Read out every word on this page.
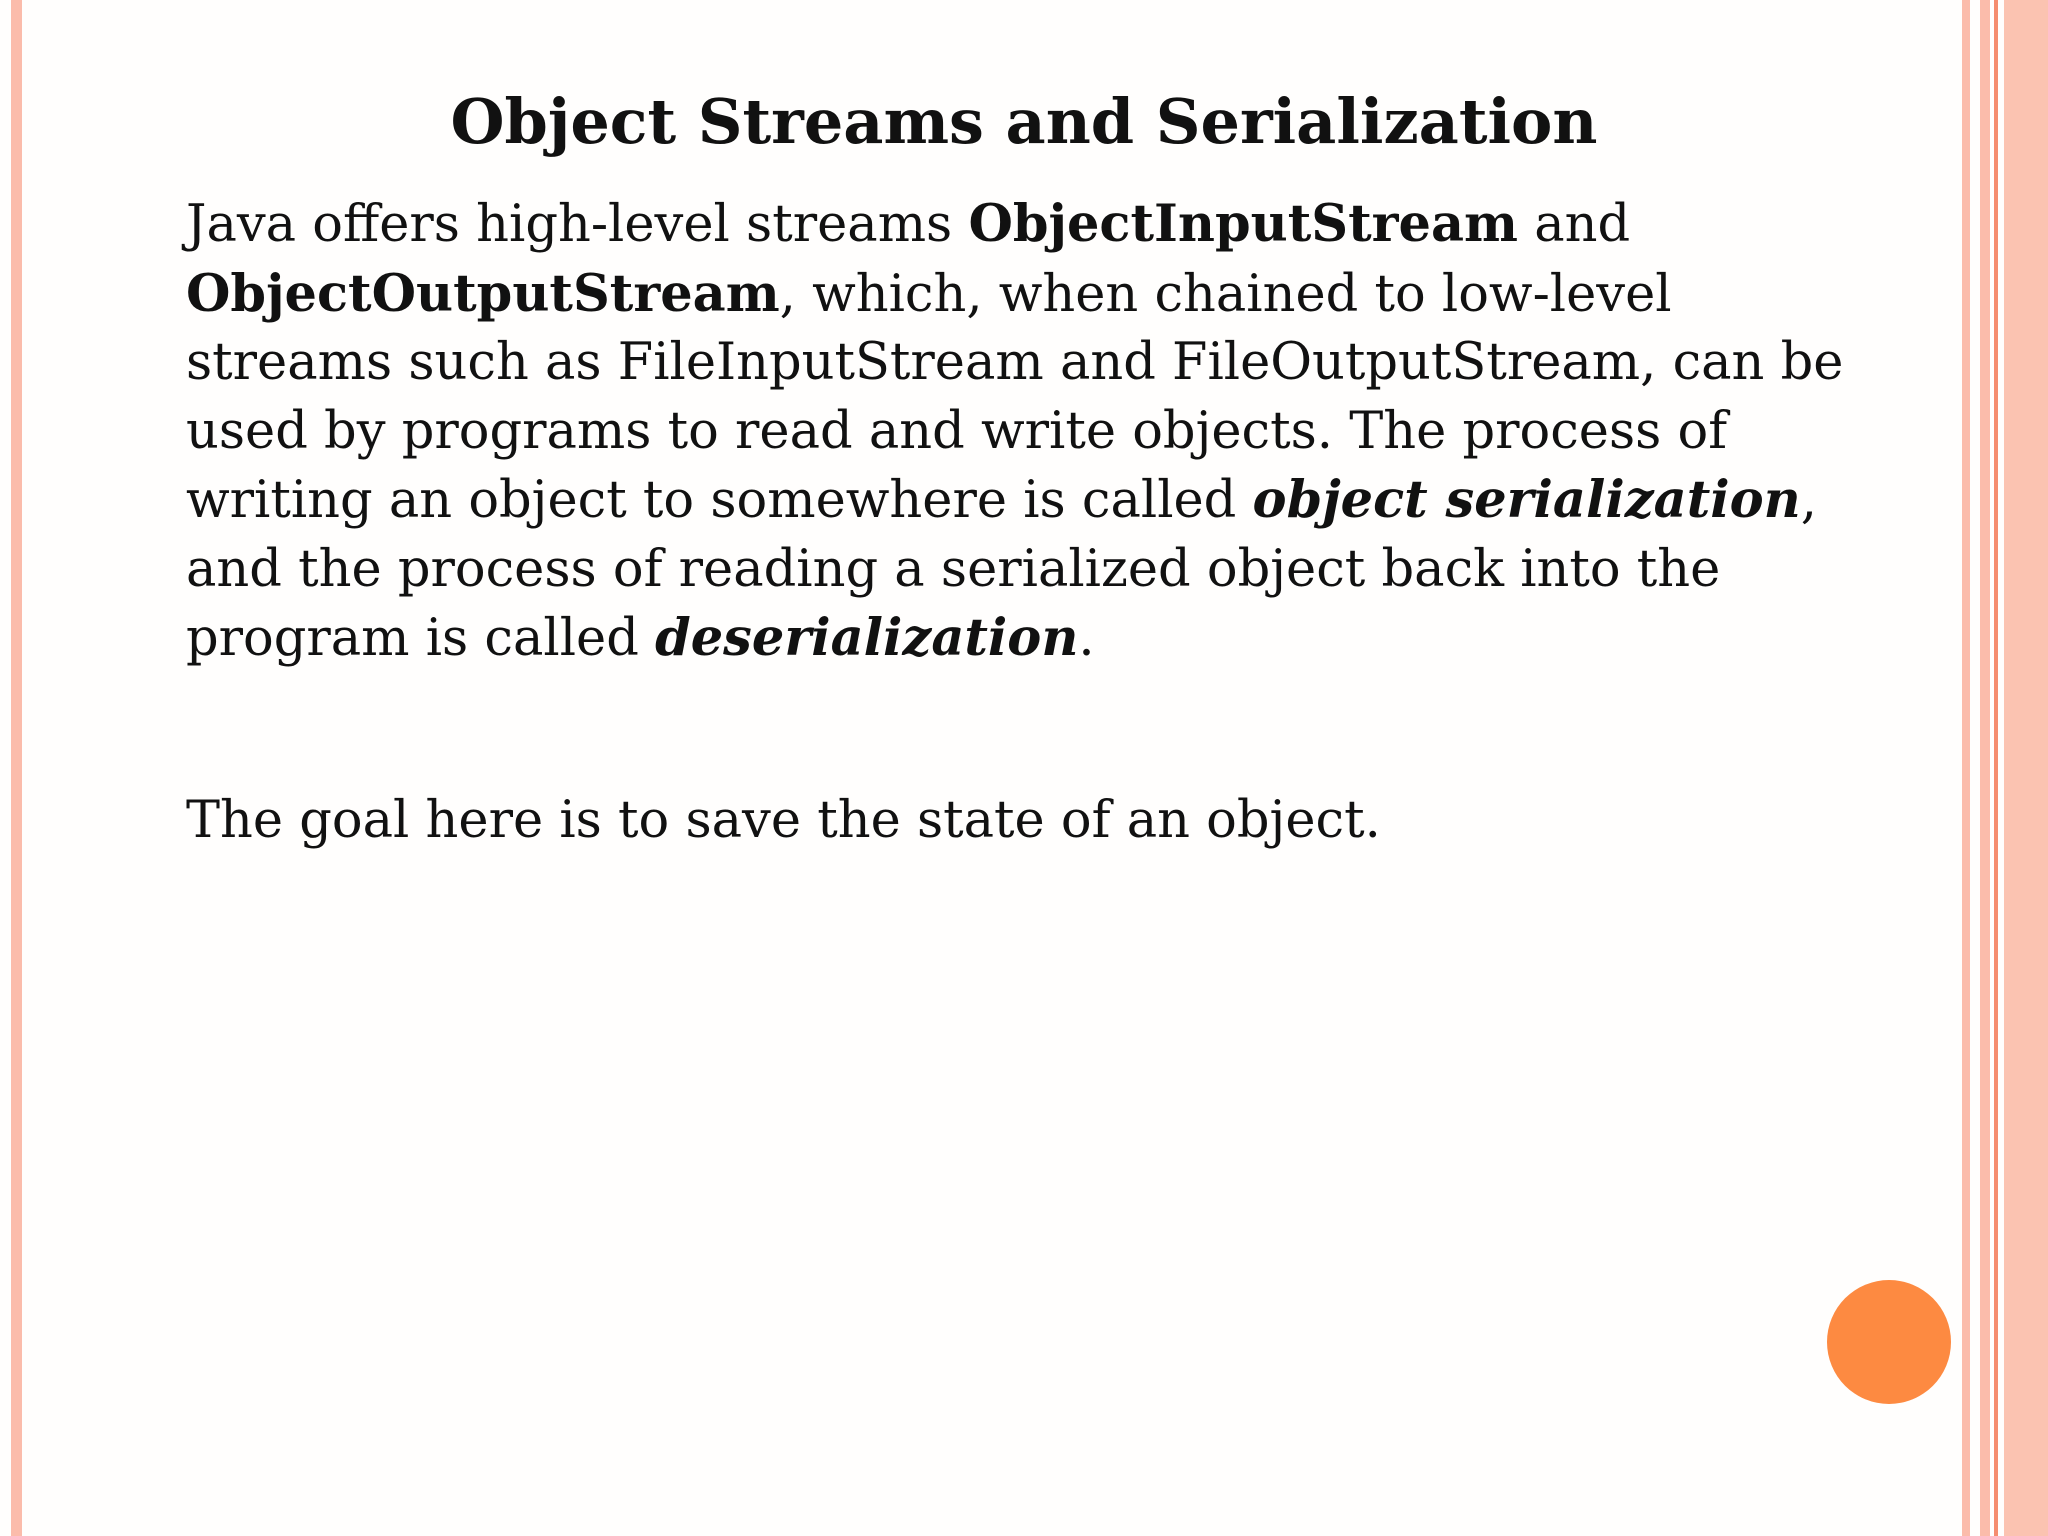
Object Streams and Serialization
Java offers high-level streams ObjectInputStream and
ObjectOutputStream, which, when chained to low-level
streams such as FileInputStream and FileOutputStream, can be
used by programs to read and write objects. The process of
writing an object to somewhere is called object serialization,
and the process of reading a serialized object back into the
program is called deserialization.
The goal here is to save the state of an object.
